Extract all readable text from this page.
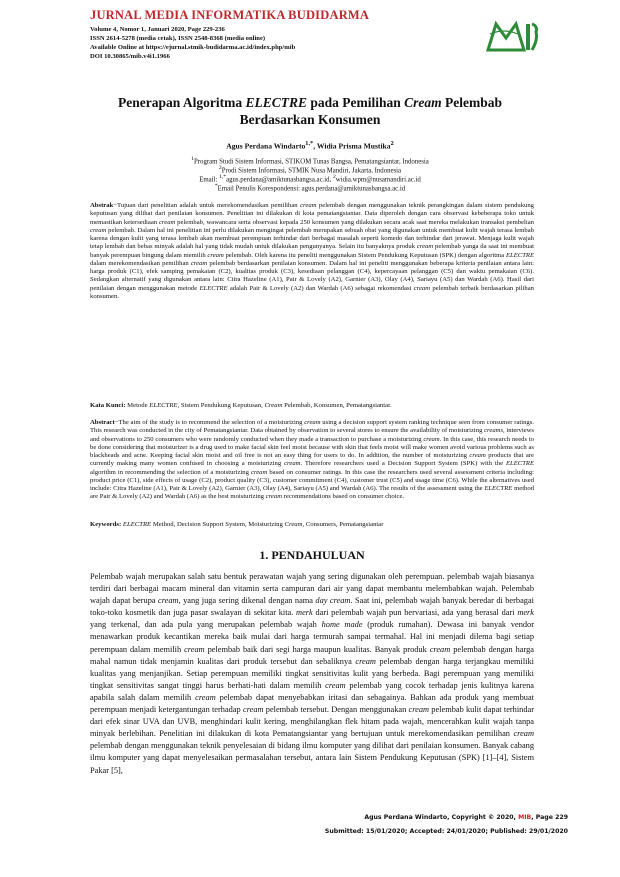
JURNAL MEDIA INFORMATIKA BUDIDARMA
Volume 4, Nomor 1, Januari 2020, Page 229-236
ISSN 2614-5278 (media cetak), ISSN 2548-8368 (media online)
Available Online at https://ejurnal.stmik-budidarma.ac.id/index.php/mib
DOI 10.30865/mib.v4i1.1966
Penerapan Algoritma ELECTRE pada Pemilihan Cream Pelembab
Berdasarkan Konsumen
Agus Perdana Windarto$^{1,*}$, Widia Prisma Mustika$^2$
$^1$Program Studi Sistem Informasi, STIKOM Tunas Bangsa, Pematangsiantar, Indonesia
$^2$Prodi Sistem Informasi, STMIK Nusa Mandiri, Jakarta, Indonesia
Email: $^{1,*}$agus.perdana@amiktunasbangsa.ac.id, $^2$widia.wpm@nusamandiri.ac.id
*Email Penulis Korespondensi: agus.perdana@amiktunasbangsa.ac.id
Abstrak−Tujuan dari penelitian adalah untuk merekomendasikan pemilihan cream pelembab dengan menggunakan teknik perangkingan dalam sistem pendukung keputusan yang dilihat dari penilaian konsumen. Penelitian ini dilakukan di kota pematangsiantar. Data diperoleh dengan cara observasi kebeberapa toko untuk memastikan ketersediaan cream pelembab, wawancara serta observasi kepada 250 konsumen yang dilakukan secara acak saat mereka melakukan transaksi pembelian cream pelembab. Dalam hal ini penelitian ini perlu dilakukan mengingat pelembab merupakan sebuah obat yang digunakan untuk membuat kulit wajah terasa lembab karena dengan kulit yang terasa lembab akan membuat perempuan terhindar dari berbagai masalah seperti komedo dan terhindar dari jerawat. Menjaga kulit wajah tetap lembab dan bebas minyak adalah hal yang tidak mudah untuk dilakukan pengunyanya. Selain itu banyaknya produk cream pelembab yanga da saat ini membuat banyak perempuan bingung dalam memilih cream pelembab. Oleh karena itu peneliti menggunakan Sistem Pendukung Keputusan (SPK) dengan algoritma ELECTRE dalam merekomendasikan pemilihan cream pelembab berdasarkan penilaian konsumen. Dalam hal ini peneliti menggunakan beberapa kriteria penilaian antara lain: harga produk (C1), efek samping pemakaian (C2), kualitas produk (C3), kesediaan pelanggan (C4), kepercayaan pelanggan (C5) dan waktu pemakaian (C6). Sedangkan alternatif yang digunakan antara lain: Citra Hazeline (A1), Pair & Lovely (A2), Garnier (A3), Olay (A4), Sariayu (A5) dan Wardah (A6). Hasil dari penilaian dengan menggunakan metode ELECTRE adalah Pair & Lovely (A2) dan Wardah (A6) sebagai rekomendasi cream pelembab terbaik berdasarkan pilihan konsumen.
Kata Kunci: Metode ELECTRE, Sistem Pendukung Keputusan, Cream Pelembab, Konsumen, Pematangsiantar.
Abstract−The aim of the study is to recommend the selection of a moisturizing cream using a decision support system ranking technique seen from consumer ratings. This research was conducted in the city of Pematangsiantar. Data obtained by observation to several stores to ensure the availability of moisturizing creams, interviews and observations to 250 consumers who were randomly conducted when they made a transaction to purchase a moisturizing cream. In this case, this research needs to be done considering that moisturizer is a drug used to make facial skin feel moist because with skin that feels moist will make women avoid various problems such as blackheads and acne. Keeping facial skin moist and oil free is not an easy thing for users to do. In addition, the number of moisturizing cream products that are currently making many women confused in choosing a moisturizing cream. Therefore researchers used a Decision Support System (SPK) with the ELECTRE algorithm in recommending the selection of a moisturizing cream based on consumer ratings. In this case the researchers used several assessment criteria including: product price (C1), side effects of usage (C2), product quality (C3), customer commitment (C4), customer trust (C5) and usage time (C6). While the alternatives used include: Citra Hazeline (A1), Pair & Lovely (A2), Garnier (A3), Olay (A4), Sariayu (A5) and Wardah (A6). The results of the assessment using the ELECTRE method are Pair & Lovely (A2) and Wardah (A6) as the best moisturizing cream recommendations based on consumer choice.
Keywords: ELECTRE Method, Decision Support System, Moisturizing Cream, Consumers, Pematangsiantar
1. PENDAHULUAN
Pelembab wajah merupakan salah satu bentuk perawatan wajah yang sering digunakan oleh perempuan. pelembab wajah biasanya terdiri dari berbagai macam mineral dan vitamin serta campuran dari air yang dapat membantu melembabkan wajah. Pelembab wajah dapat berupa cream, yang juga sering dikenal dengan nama day cream. Saat ini, pelembab wajah banyak beredar di berbagai toko-toko kosmetik dan juga pasar swalayan di sekitar kita. merk dari pelembab wajah pun bervariasi, ada yang berasal dari merk yang terkenal, dan ada pula yang merupakan pelembab wajah home made (produk rumahan). Dewasa ini banyak vendor menawarkan produk kecantikan mereka baik mulai dari harga termurah sampai termahal. Hal ini menjadi dilema bagi setiap perempuan dalam memilih cream pelembab baik dari segi harga maupun kualitas. Banyak produk cream pelembab dengan harga mahal namun tidak menjamin kualitas dari produk tersebut dan sebaliknya cream pelembab dengan harga terjangkau memiliki kualitas yang menjanjikan. Setiap perempuan memiliki tingkat sensitivitas kulit yang berbeda. Bagi perempuan yang memiliki tingkat sensitivitas sangat tinggi harus berhati-hati dalam memilih cream pelembab yang cocok terhadap jenis kulitnya karena apabila salah dalam memilih cream pelembab dapat menyebabkan iritasi dan sebagainya. Bahkan ada produk yang membuat perempuan menjadi ketergantungan terhadap cream pelembab tersebut. Dengan menggunakan cream pelembab kulit dapat terhindar dari efek sinar UVA dan UVB, menghindari kulit kering, menghilangkan flek hitam pada wajah, mencerahkan kulit wajah tanpa minyak berlebihan. Penelitian ini dilakukan di kota Pematangsiantar yang bertujuan untuk merekomendasikan pemilihan cream pelembab dengan menggunakan teknik penyelesaian di bidang ilmu komputer yang dilihat dari penilaian konsumen. Banyak cabang ilmu komputer yang dapat menyelesaikan permasalahan tersebut, antara lain Sistem Pendukung Keputusan (SPK) [1]–[4], Sistem Pakar [5],
Agus Perdana Windarto, Copyright © 2020, MIB, Page 229
Submitted: 15/01/2020; Accepted: 24/01/2020; Published: 29/01/2020
